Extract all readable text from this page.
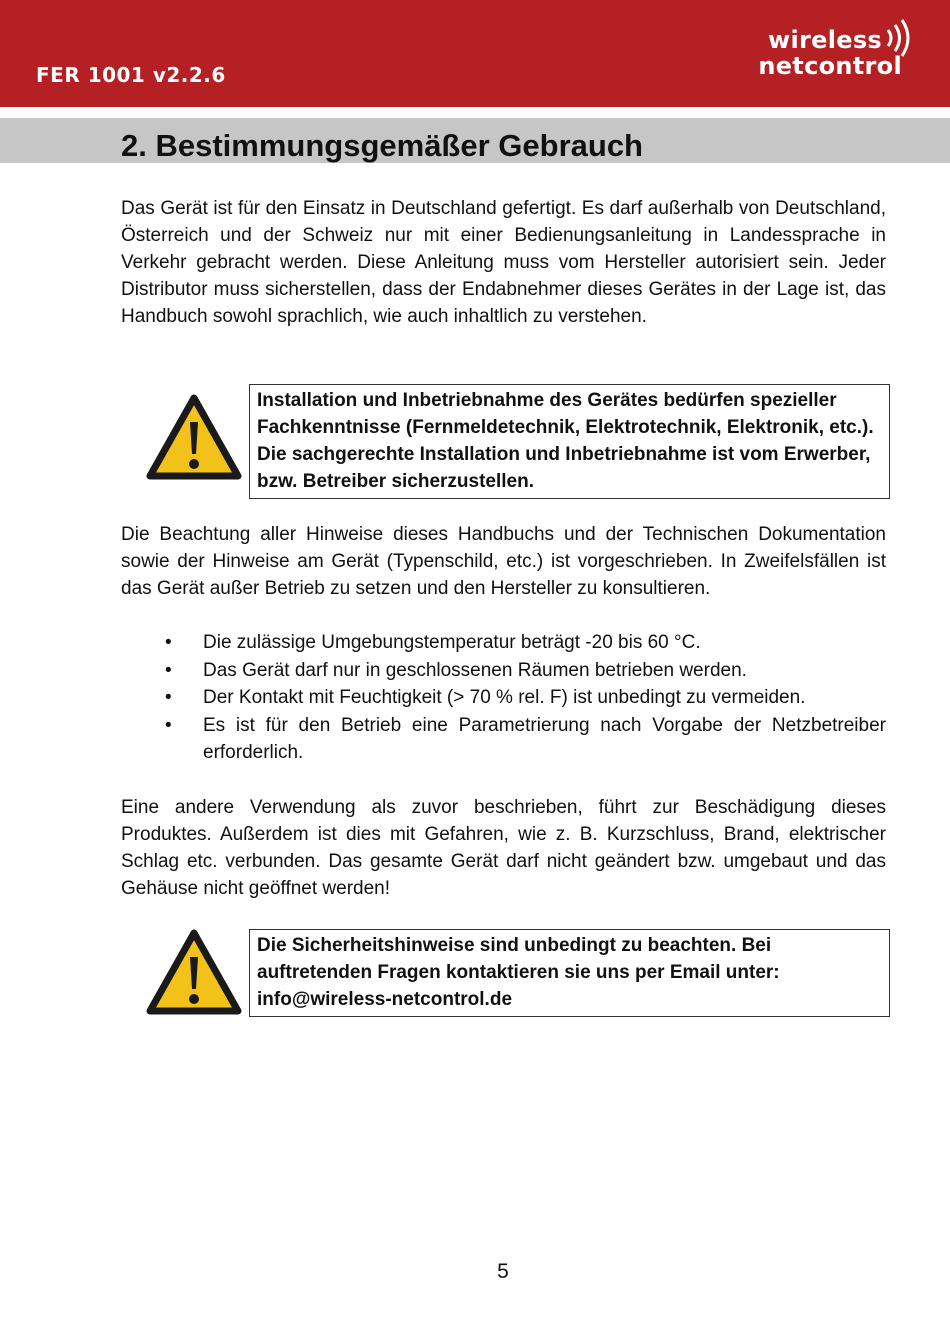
FER 1001 v2.2.6
wireless
netcontrol
2. Bestimmungsgemäßer Gebrauch

Das Gerät ist für den Einsatz in Deutschland gefertigt. Es darf außerhalb von Deutschland, Österreich und der Schweiz nur mit einer Bedienungsanleitung in Landessprache in Verkehr gebracht werden. Diese Anleitung muss vom Hersteller autorisiert sein. Jeder Distributor muss sicherstellen, dass der Endabnehmer dieses Gerätes in der Lage ist, das Handbuch sowohl sprachlich, wie auch inhaltlich zu verstehen.

Installation und Inbetriebnahme des Gerätes bedürfen spezieller Fachkenntnisse (Fernmeldetechnik, Elektrotechnik, Elektronik, etc.). Die sachgerechte Installation und Inbetriebnahme ist vom Erwerber, bzw. Betreiber sicherzustellen.

Die Beachtung aller Hinweise dieses Handbuchs und der Technischen Dokumentation sowie der Hinweise am Gerät (Typenschild, etc.) ist vorgeschrieben. In Zweifelsfällen ist das Gerät außer Betrieb zu setzen und den Hersteller zu konsultieren.

• Die zulässige Umgebungstemperatur beträgt -20 bis 60 °C.
• Das Gerät darf nur in geschlossenen Räumen betrieben werden.
• Der Kontakt mit Feuchtigkeit (> 70 % rel. F) ist unbedingt zu vermeiden.
• Es ist für den Betrieb eine Parametrierung nach Vorgabe der Netzbetreiber erforderlich.

Eine andere Verwendung als zuvor beschrieben, führt zur Beschädigung dieses Produktes. Außerdem ist dies mit Gefahren, wie z. B. Kurzschluss, Brand, elektrischer Schlag etc. verbunden. Das gesamte Gerät darf nicht geändert bzw. umgebaut und das Gehäuse nicht geöffnet werden!

Die Sicherheitshinweise sind unbedingt zu beachten. Bei auftretenden Fragen kontaktieren sie uns per Email unter: info@wireless-netcontrol.de
5
